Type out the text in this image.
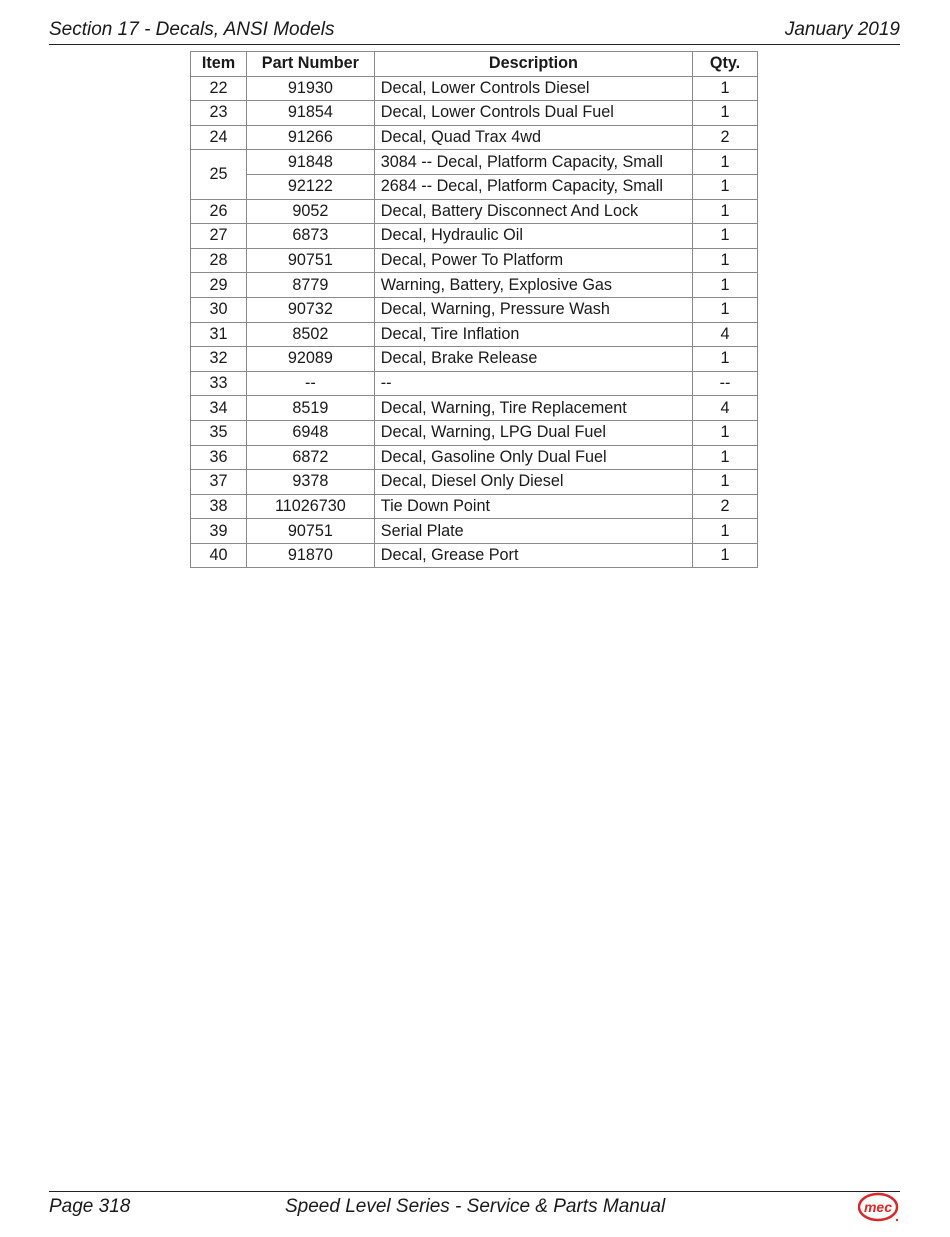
Section 17 - Decals, ANSI Models	January 2019
Item	Part Number	Description	Qty.
22	91930	Decal, Lower Controls Diesel	1
23	91854	Decal, Lower Controls Dual Fuel	1
24	91266	Decal, Quad Trax 4wd	2
25	91848	3084 -- Decal, Platform Capacity, Small	1
	92122	2684 -- Decal, Platform Capacity, Small	1
26	9052	Decal, Battery Disconnect And Lock	1
27	6873	Decal, Hydraulic Oil	1
28	90751	Decal, Power To Platform	1
29	8779	Warning, Battery, Explosive Gas	1
30	90732	Decal, Warning, Pressure Wash	1
31	8502	Decal, Tire Inflation	4
32	92089	Decal, Brake Release	1
33	--	--	--
34	8519	Decal, Warning, Tire Replacement	4
35	6948	Decal, Warning, LPG Dual Fuel	1
36	6872	Decal, Gasoline Only Dual Fuel	1
37	9378	Decal, Diesel Only Diesel	1
38	11026730	Tie Down Point	2
39	90751	Serial Plate	1
40	91870	Decal, Grease Port	1
Page 318	Speed Level Series - Service & Parts Manual	mec
